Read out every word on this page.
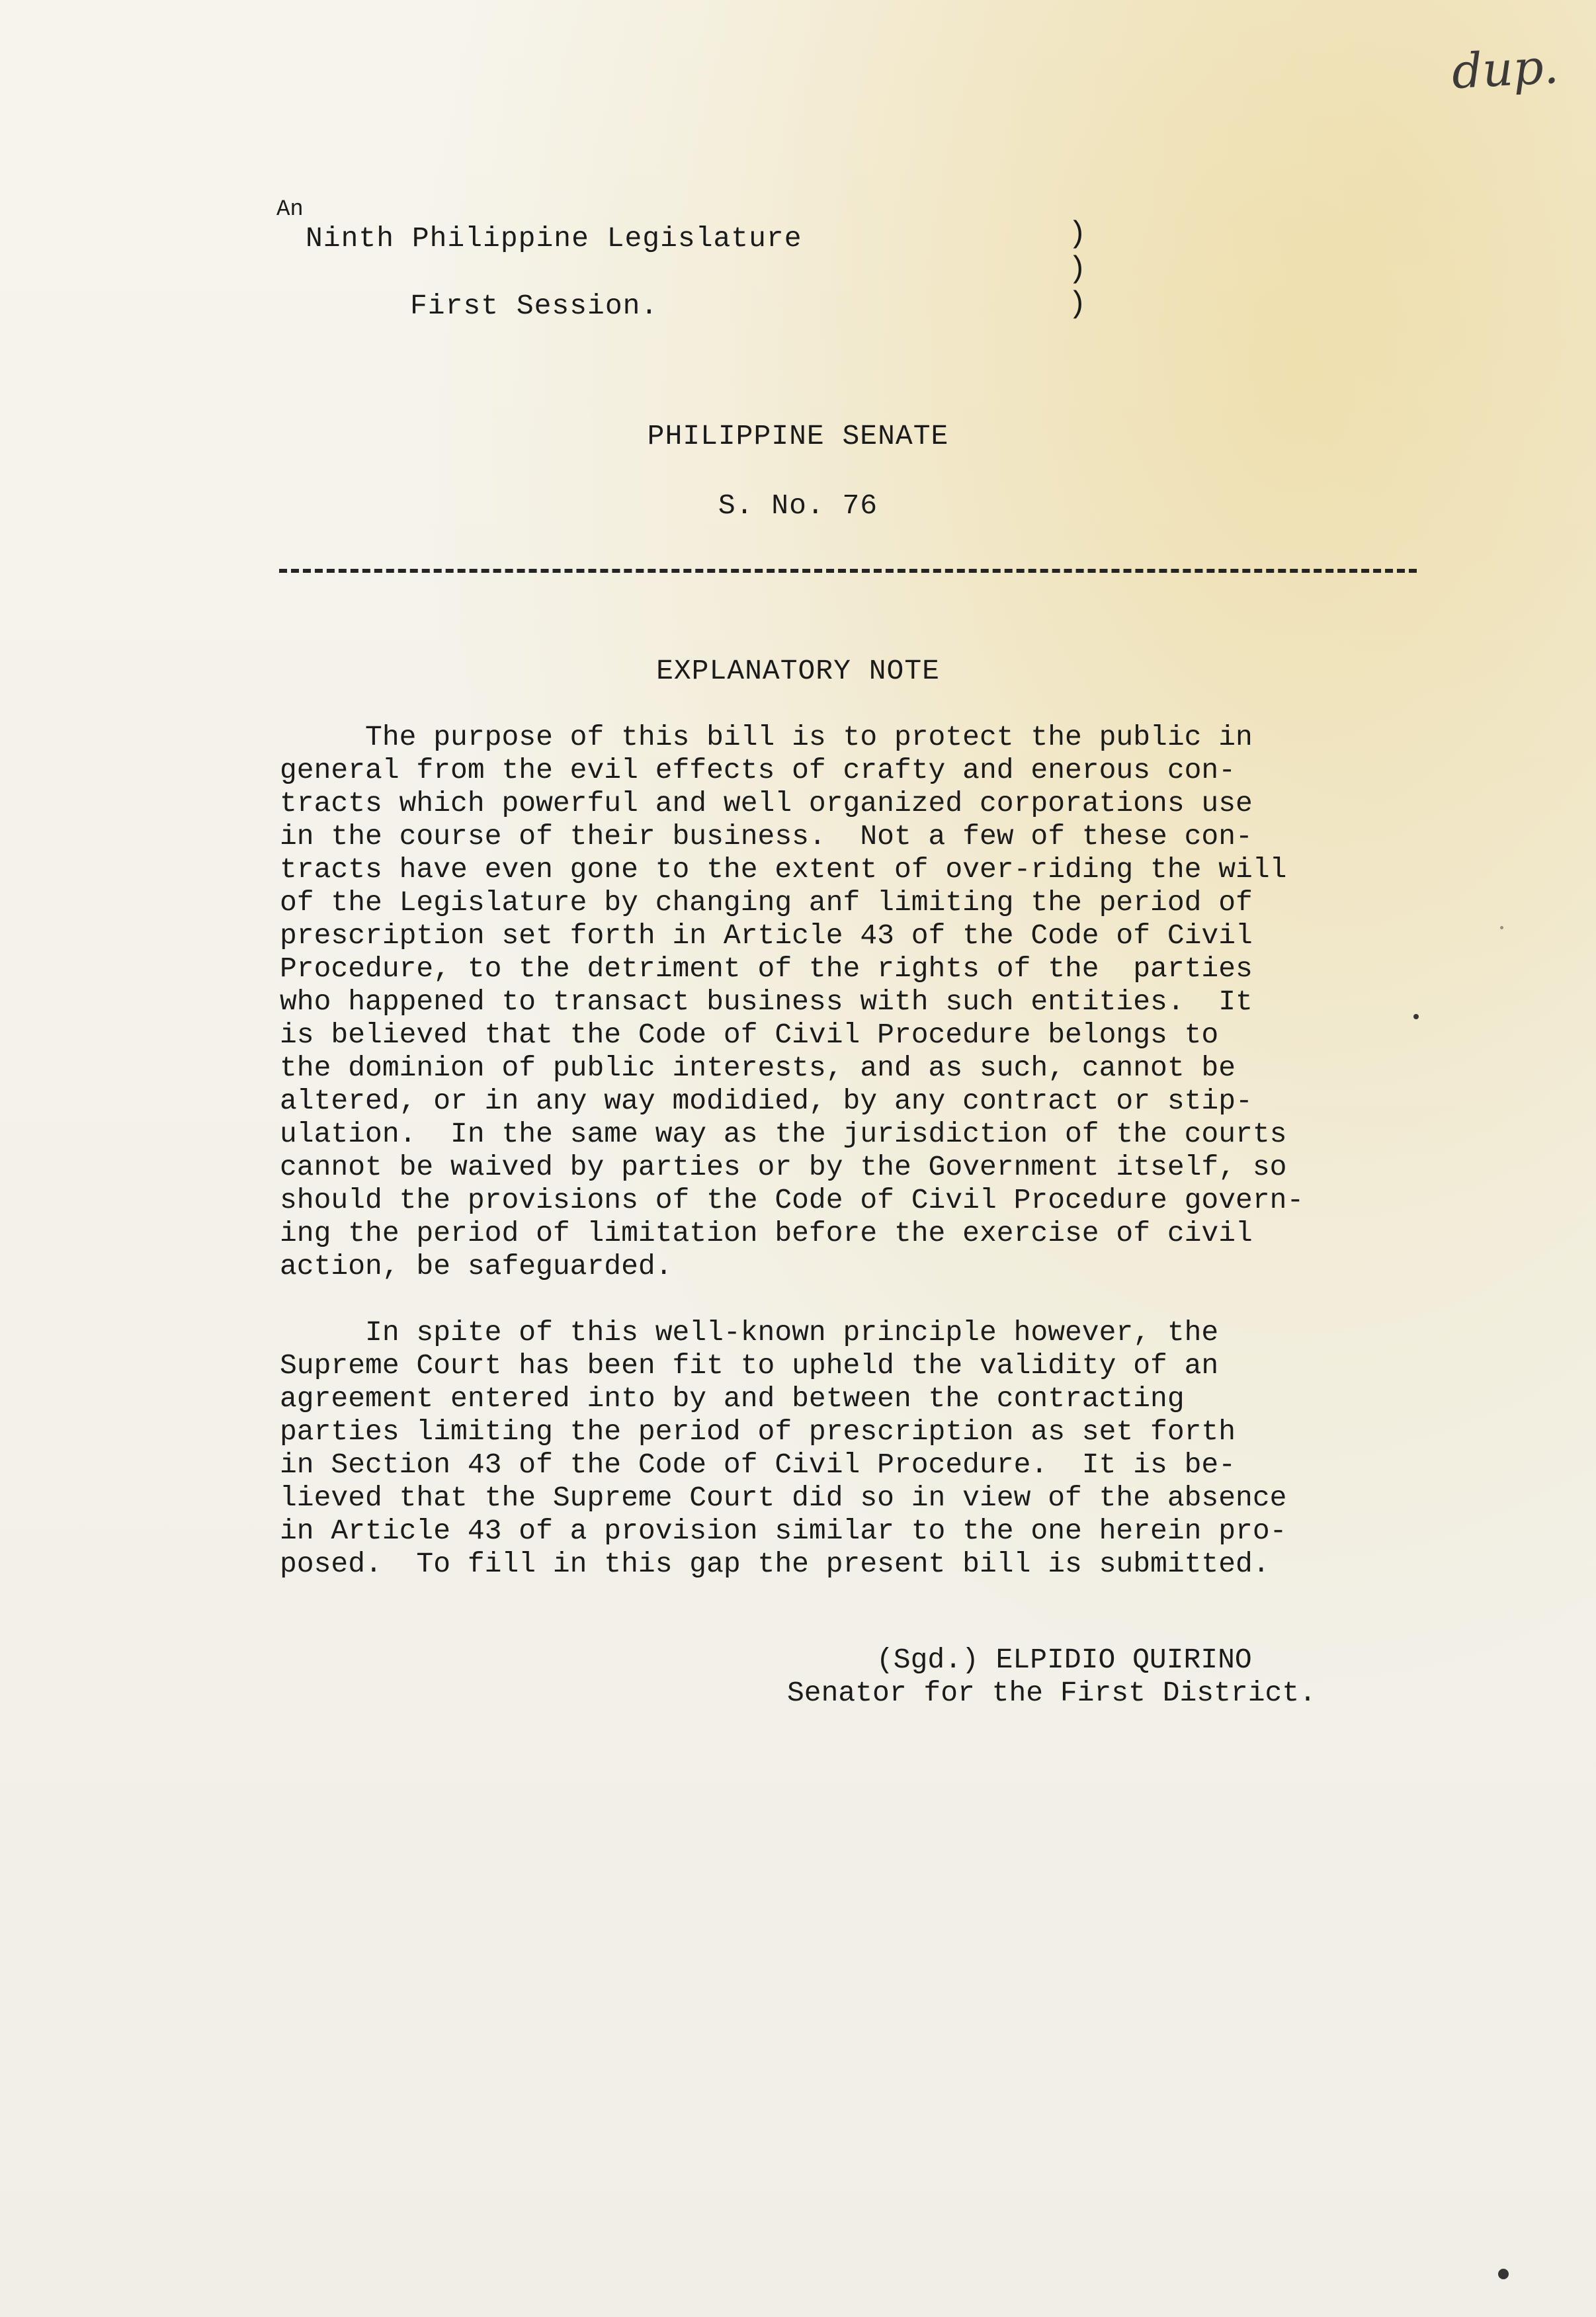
dup.
An
Ninth Philippine Legislature
First Session.
)
)
)
PHILIPPINE SENATE
S. No. 76
EXPLANATORY NOTE
The purpose of this bill is to protect the public in
general from the evil effects of crafty and enerous con-
tracts which powerful and well organized corporations use
in the course of their business.  Not a few of these con-
tracts have even gone to the extent of over-riding the will
of the Legislature by changing anf limiting the period of
prescription set forth in Article 43 of the Code of Civil
Procedure, to the detriment of the rights of the  parties
who happened to transact business with such entities.  It
is believed that the Code of Civil Procedure belongs to
the dominion of public interests, and as such, cannot be
altered, or in any way modidied, by any contract or stip-
ulation.  In the same way as the jurisdiction of the courts
cannot be waived by parties or by the Government itself, so
should the provisions of the Code of Civil Procedure govern-
ing the period of limitation before the exercise of civil
action, be safeguarded.
In spite of this well-known principle however, the
Supreme Court has been fit to upheld the validity of an
agreement entered into by and between the contracting
parties limiting the period of prescription as set forth
in Section 43 of the Code of Civil Procedure.  It is be-
lieved that the Supreme Court did so in view of the absence
in Article 43 of a provision similar to the one herein pro-
posed.  To fill in this gap the present bill is submitted.
(Sgd.) ELPIDIO QUIRINO
Senator for the First District.
